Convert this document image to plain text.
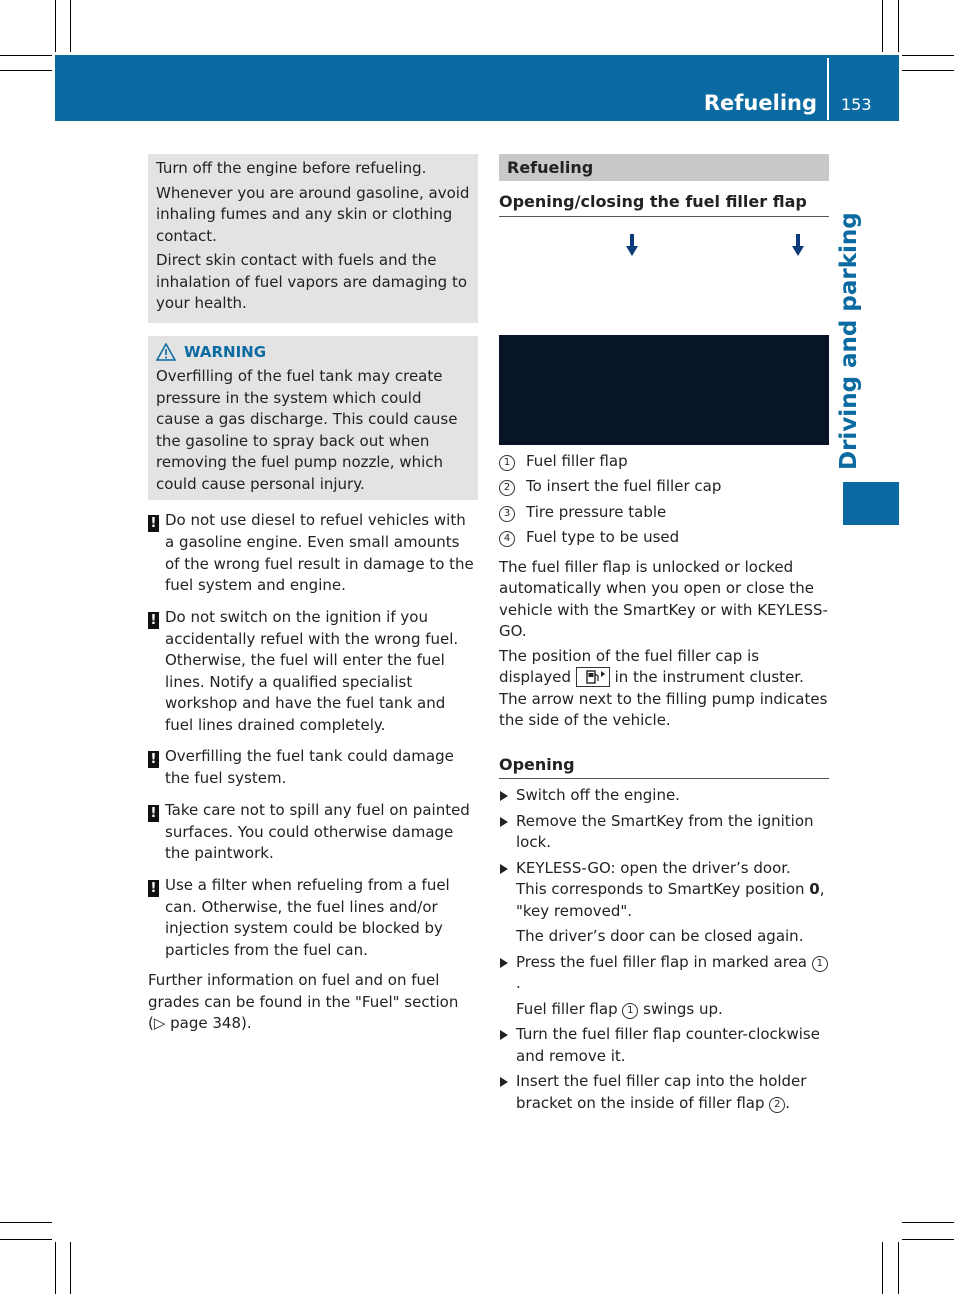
Refueling 153
Driving and parking

Turn off the engine before refueling.

Whenever you are around gasoline, avoid inhaling fumes and any skin or clothing contact.

Direct skin contact with fuels and the inhalation of fuel vapors are damaging to your health.

WARNING

Overfilling of the fuel tank may create pressure in the system which could cause a gas discharge. This could cause the gasoline to spray back out when removing the fuel pump nozzle, which could cause personal injury.

! Do not use diesel to refuel vehicles with a gasoline engine. Even small amounts of the wrong fuel result in damage to the fuel system and engine.
! Do not switch on the ignition if you accidentally refuel with the wrong fuel. Otherwise, the fuel will enter the fuel lines. Notify a qualified specialist workshop and have the fuel tank and fuel lines drained completely.
! Overfilling the fuel tank could damage the fuel system.
! Take care not to spill any fuel on painted surfaces. You could otherwise damage the paintwork.
! Use a filter when refueling from a fuel can. Otherwise, the fuel lines and/or injection system could be blocked by particles from the fuel can.

Further information on fuel and on fuel grades can be found in the "Fuel" section
(▷ page 348).

Refueling
Opening/closing the fuel filler flap
1	Fuel filler flap
2	To insert the fuel filler cap
3	Tire pressure table
4	Fuel type to be used

The fuel filler flap is unlocked or locked automatically when you open or close the vehicle with the SmartKey or with KEYLESS-GO.

The position of the fuel filler cap is displayed	in the instrument cluster. The arrow next to the filling pump indicates the side of the vehicle.

Opening
Switch off the engine.
Remove the SmartKey from the ignition lock.
KEYLESS-GO: open the driver’s door.
This corresponds to SmartKey position 0, "key removed".
The driver’s door can be closed again.
Press the fuel filler flap in marked area 1.
Fuel filler flap 1 swings up.
Turn the fuel filler flap counter-clockwise and remove it.
Insert the fuel filler cap into the holder bracket on the inside of filler flap 2 .
